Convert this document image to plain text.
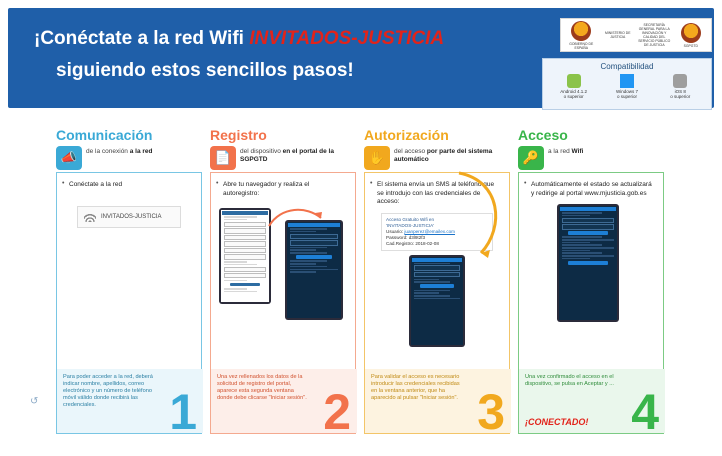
¡Conéctate a la red Wifi INVITADOS-JUSTICIA
siguiendo estos sencillos pasos!
GOBIERNO DE ESPAÑA
MINISTERIO DE JUSTICIA
SECRETARÍA GENERAL PARA LA INNOVACIÓN Y CALIDAD DEL SERVICIO PÚBLICO DE JUSTICIA	SGPGTD
Compatibilidad
Android 4.1.2
o superior
Windows 7
o superior
iOS 8
o superior
↺
Comunicación
📣	de la conexión a la red
• Conéctate a la red
INVITADOS-JUSTICIA
Para poder acceder a la red, deberá indicar nombre, apellidos, correo electrónico y un número de teléfono móvil válido donde recibirá las credenciales.	1
Registro
📄	del dispositivo en el portal de la SGPGTD
• Abre tu navegador y realiza el autoregistro:
Una vez rellenados los datos de la solicitud de registro del portal, aparece esta segunda ventana donde debe clicarse "Iniciar sesión". 2
Autorización
✋	del acceso por parte del sistema automático
• El sistema envía un SMS al teléfono que se introdujo con las credenciales de acceso:
Acceso Gratuito Wifi en
'INVITADOS-JUSTICIA'
Usuario: juanperez@emailex.com
Password: d3l9t2f3
Cad.Registro: 2018-02-08
Para validar el acceso es necesario introducir las credenciales recibidas en la ventana anterior, que ha aparecido al pulsar "Iniciar sesión". 3
Acceso
🔑	a la red Wifi
• Automáticamente el estado se actualizará y redirige al portal www.mjusticia.gob.es
Una vez confirmado el acceso en el dispositivo, se pulsa en Aceptar y ...
¡CONECTADO! 4
